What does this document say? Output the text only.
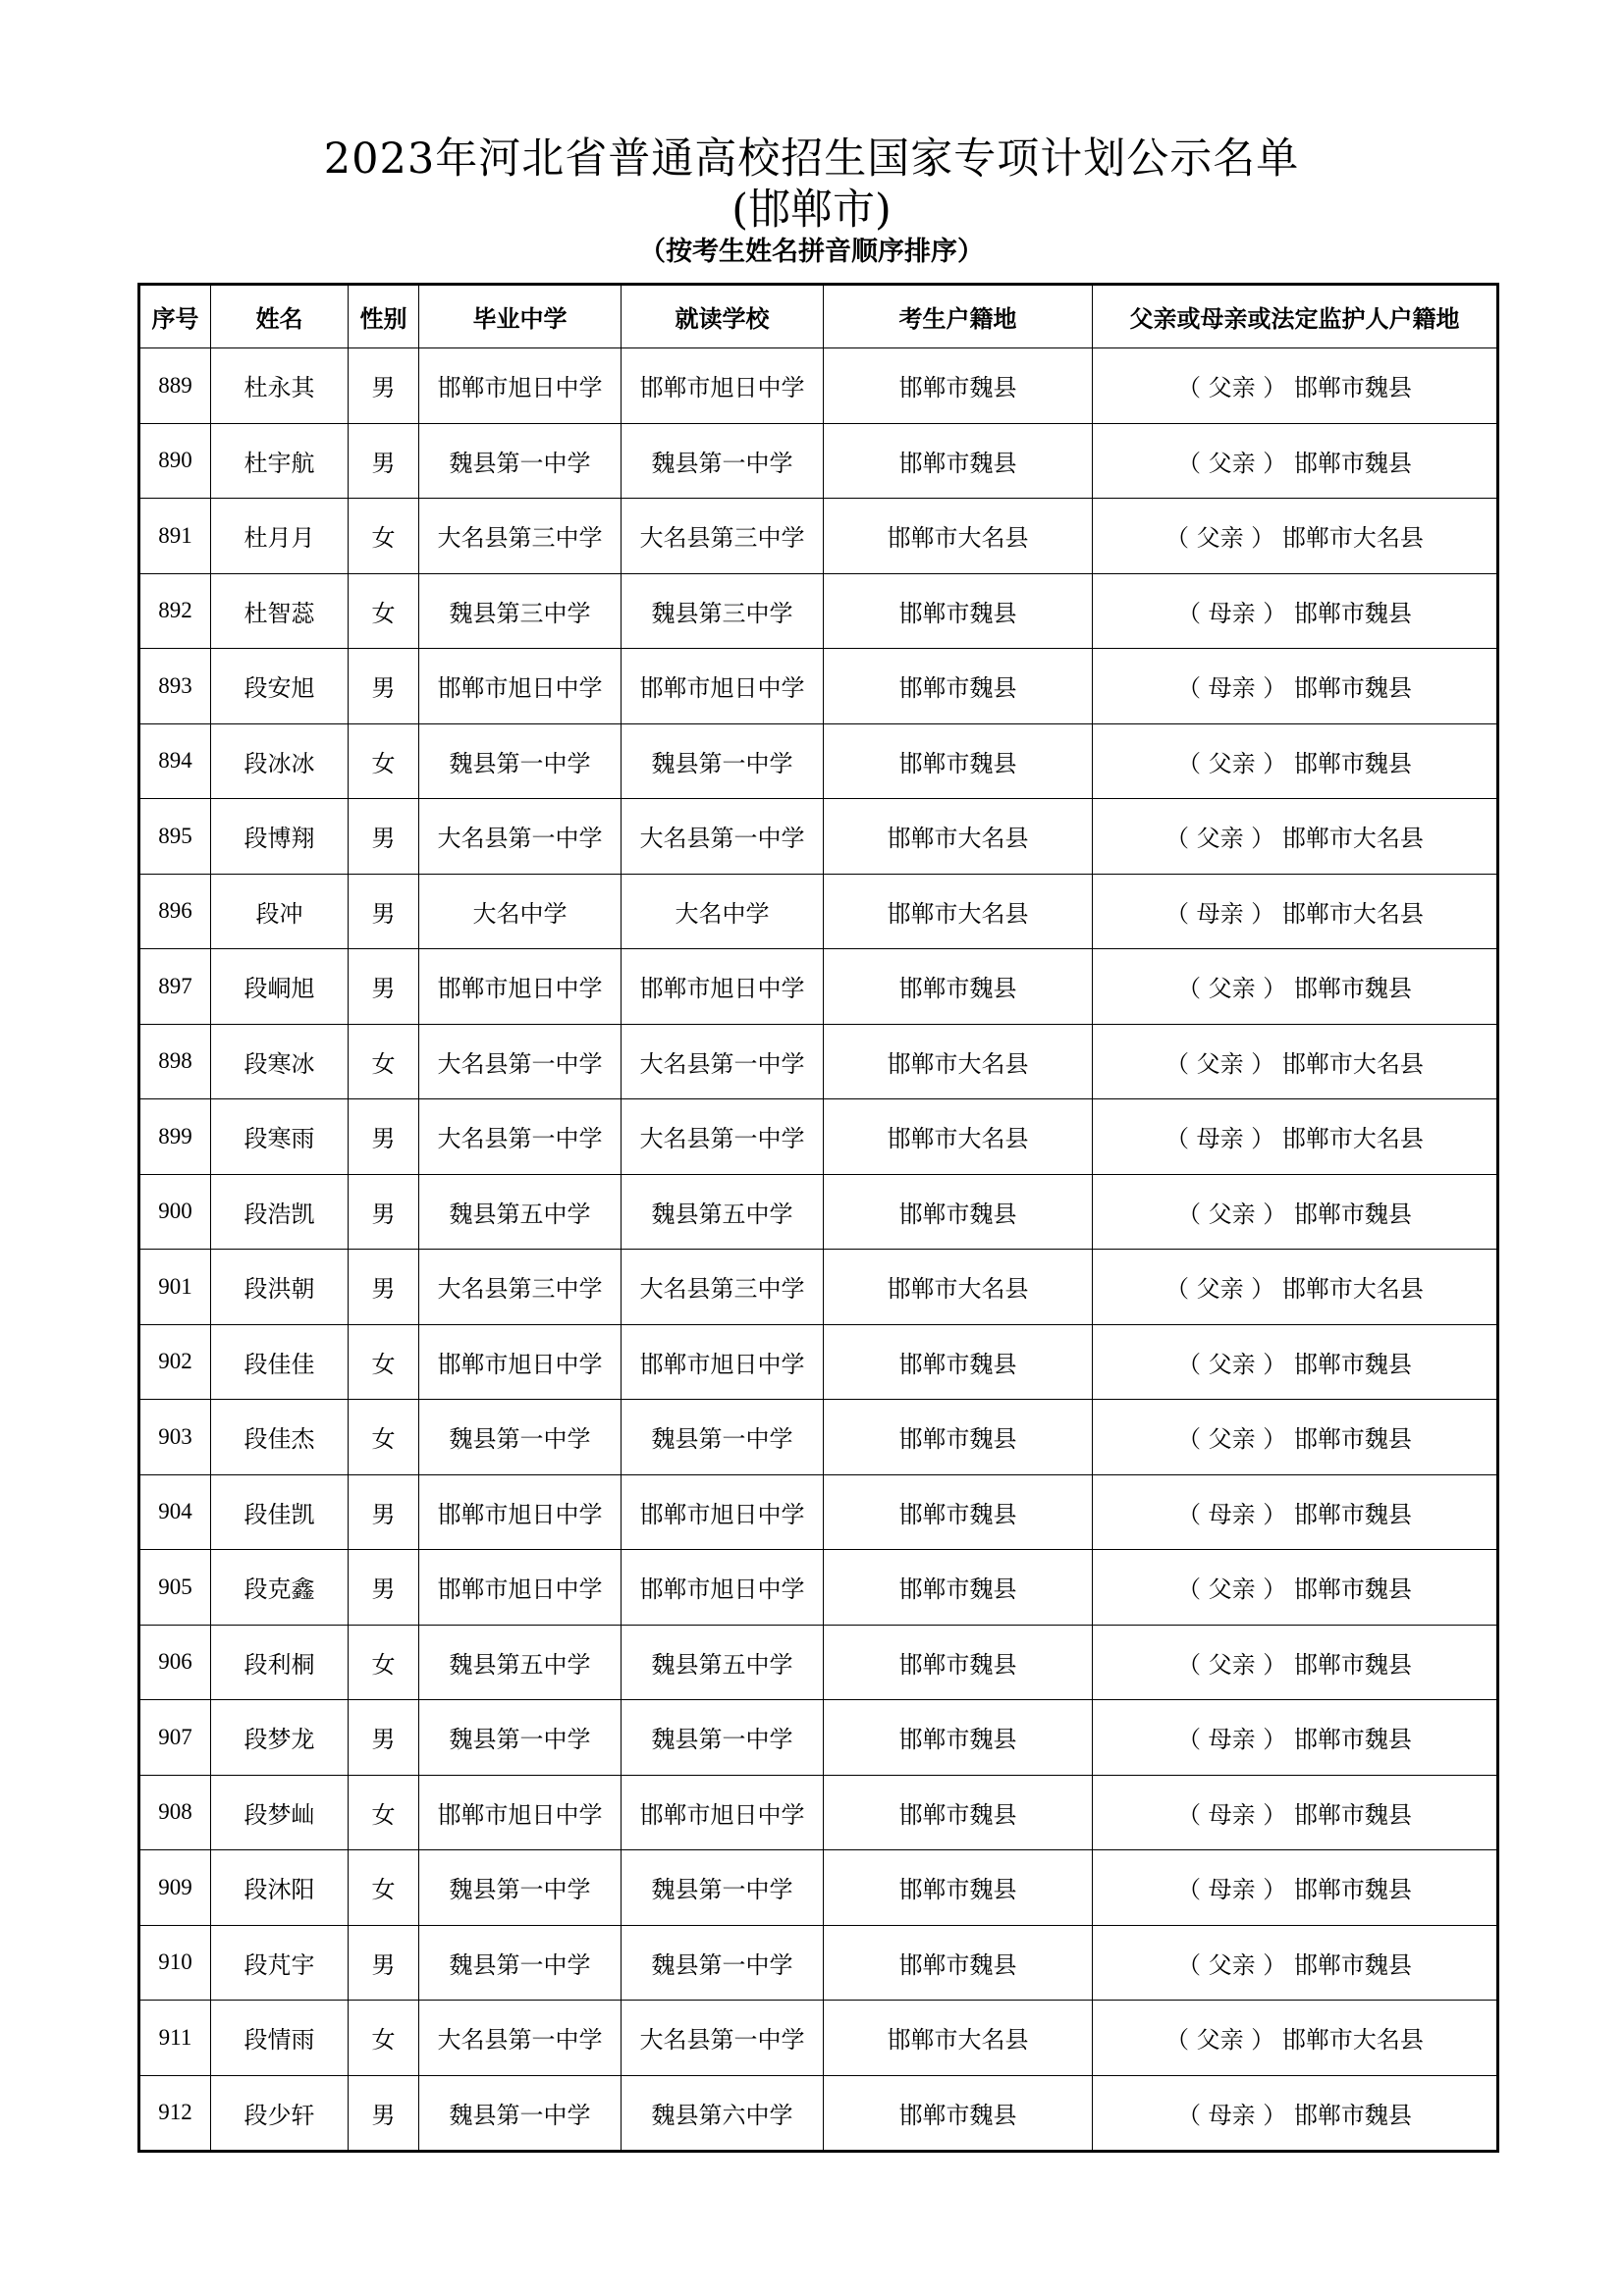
2023年河北省普通高校招生国家专项计划公示名单
(邯郸市)
（按考生姓名拼音顺序排序）
序号	姓名	性别	毕业中学	就读学校	考生户籍地	父亲或母亲或法定监护人户籍地
889	杜永其	男	邯郸市旭日中学	邯郸市旭日中学	邯郸市魏县	（ 父亲 ） 邯郸市魏县
890	杜宇航	男	魏县第一中学	魏县第一中学	邯郸市魏县	（ 父亲 ） 邯郸市魏县
891	杜月月	女	大名县第三中学	大名县第三中学	邯郸市大名县	（ 父亲 ） 邯郸市大名县
892	杜智蕊	女	魏县第三中学	魏县第三中学	邯郸市魏县	（ 母亲 ） 邯郸市魏县
893	段安旭	男	邯郸市旭日中学	邯郸市旭日中学	邯郸市魏县	（ 母亲 ） 邯郸市魏县
894	段冰冰	女	魏县第一中学	魏县第一中学	邯郸市魏县	（ 父亲 ） 邯郸市魏县
895	段博翔	男	大名县第一中学	大名县第一中学	邯郸市大名县	（ 父亲 ） 邯郸市大名县
896	段冲	男	大名中学	大名中学	邯郸市大名县	（ 母亲 ） 邯郸市大名县
897	段峒旭	男	邯郸市旭日中学	邯郸市旭日中学	邯郸市魏县	（ 父亲 ） 邯郸市魏县
898	段寒冰	女	大名县第一中学	大名县第一中学	邯郸市大名县	（ 父亲 ） 邯郸市大名县
899	段寒雨	男	大名县第一中学	大名县第一中学	邯郸市大名县	（ 母亲 ） 邯郸市大名县
900	段浩凯	男	魏县第五中学	魏县第五中学	邯郸市魏县	（ 父亲 ） 邯郸市魏县
901	段洪朝	男	大名县第三中学	大名县第三中学	邯郸市大名县	（ 父亲 ） 邯郸市大名县
902	段佳佳	女	邯郸市旭日中学	邯郸市旭日中学	邯郸市魏县	（ 父亲 ） 邯郸市魏县
903	段佳杰	女	魏县第一中学	魏县第一中学	邯郸市魏县	（ 父亲 ） 邯郸市魏县
904	段佳凯	男	邯郸市旭日中学	邯郸市旭日中学	邯郸市魏县	（ 母亲 ） 邯郸市魏县
905	段克鑫	男	邯郸市旭日中学	邯郸市旭日中学	邯郸市魏县	（ 父亲 ） 邯郸市魏县
906	段利桐	女	魏县第五中学	魏县第五中学	邯郸市魏县	（ 父亲 ） 邯郸市魏县
907	段梦龙	男	魏县第一中学	魏县第一中学	邯郸市魏县	（ 母亲 ） 邯郸市魏县
908	段梦屾	女	邯郸市旭日中学	邯郸市旭日中学	邯郸市魏县	（ 母亲 ） 邯郸市魏县
909	段沐阳	女	魏县第一中学	魏县第一中学	邯郸市魏县	（ 母亲 ） 邯郸市魏县
910	段芃宇	男	魏县第一中学	魏县第一中学	邯郸市魏县	（ 父亲 ） 邯郸市魏县
911	段情雨	女	大名县第一中学	大名县第一中学	邯郸市大名县	（ 父亲 ） 邯郸市大名县
912	段少轩	男	魏县第一中学	魏县第六中学	邯郸市魏县	（ 母亲 ） 邯郸市魏县
